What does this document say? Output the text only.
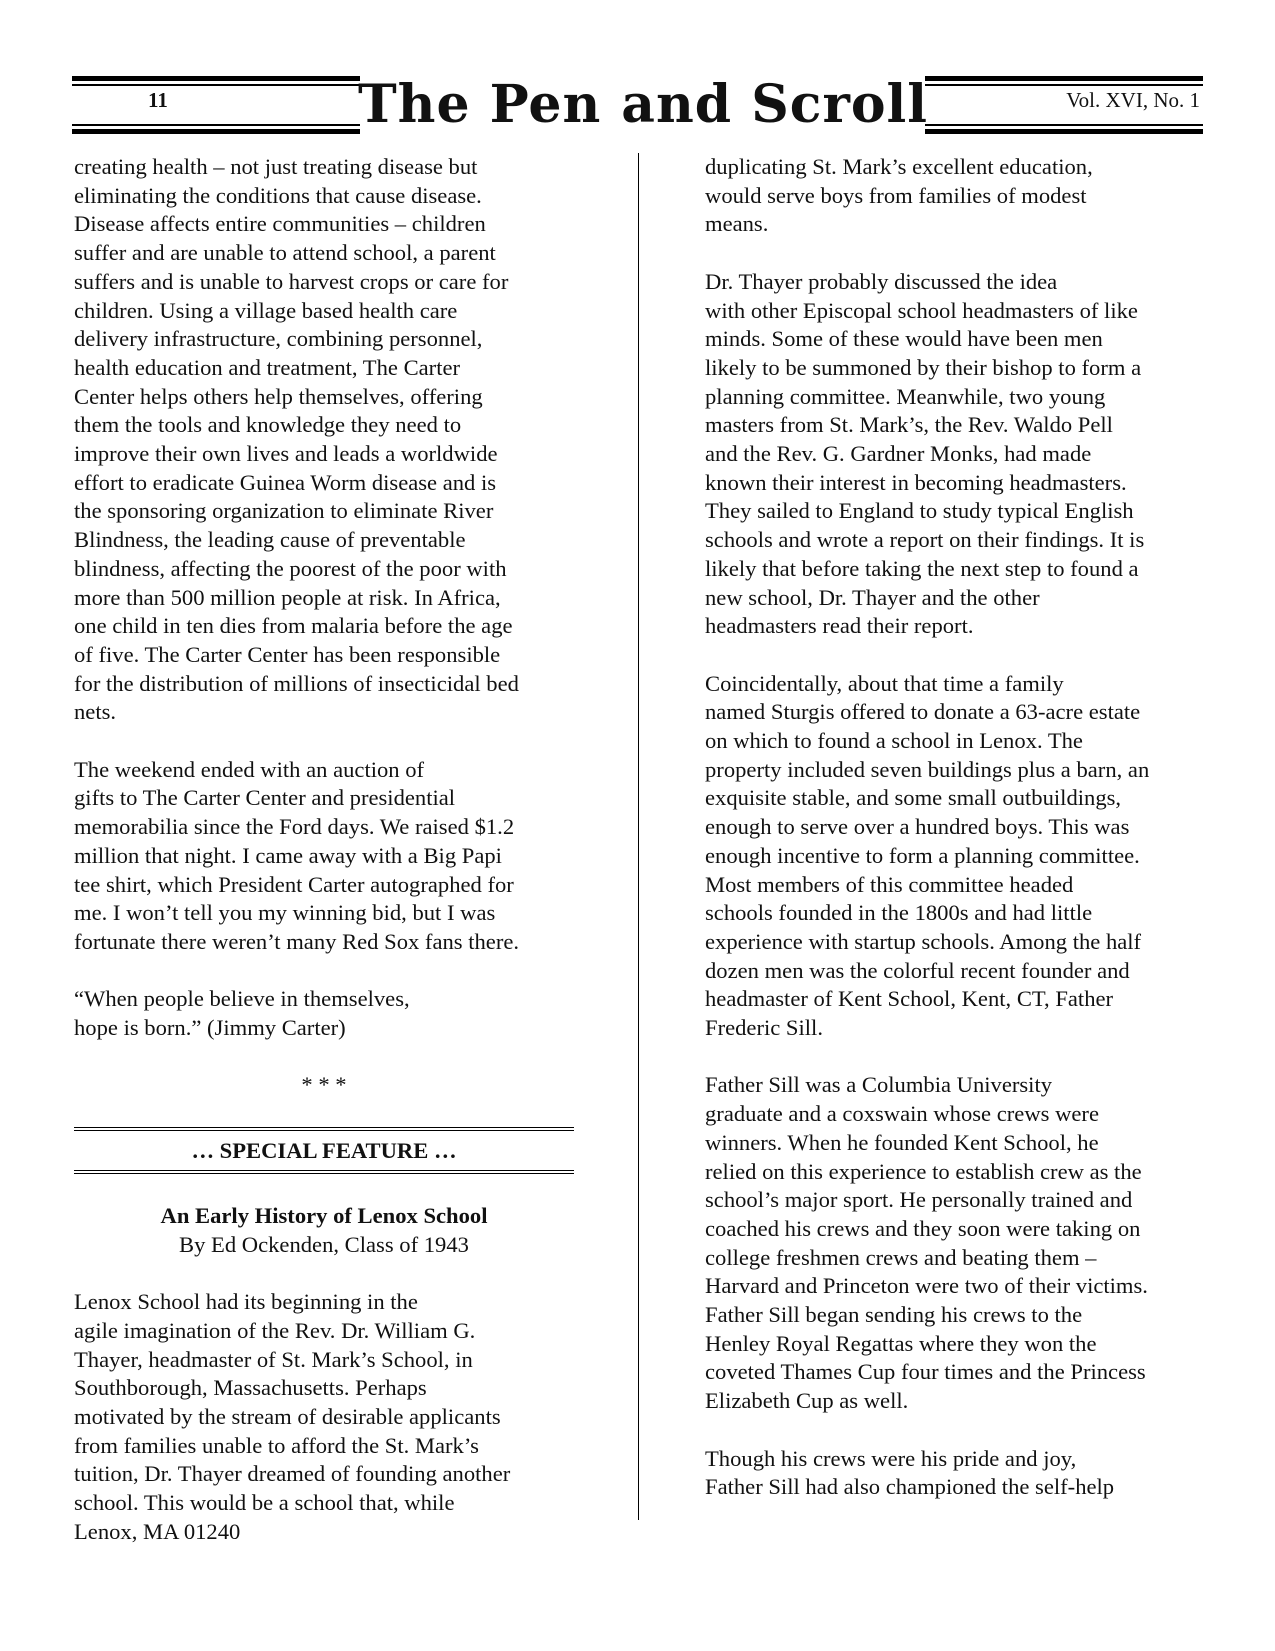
11	Vol. XVI, No. 1
The Pen and Scroll

creating health – not just treating disease but
eliminating the conditions that cause disease.
Disease affects entire communities – children
suffer and are unable to attend school, a parent
suffers and is unable to harvest crops or care for
children. Using a village based health care
delivery infrastructure, combining personnel,
health education and treatment, The Carter
Center helps others help themselves, offering
them the tools and knowledge they need to
improve their own lives and leads a worldwide
effort to eradicate Guinea Worm disease and is
the sponsoring organization to eliminate River
Blindness, the leading cause of preventable
blindness, affecting the poorest of the poor with
more than 500 million people at risk. In Africa,
one child in ten dies from malaria before the age
of five. The Carter Center has been responsible
for the distribution of millions of insecticidal bed
nets.

The weekend ended with an auction of
gifts to The Carter Center and presidential
memorabilia since the Ford days. We raised $1.2
million that night. I came away with a Big Papi
tee shirt, which President Carter autographed for
me. I won’t tell you my winning bid, but I was
fortunate there weren’t many Red Sox fans there.

“When people believe in themselves,
hope is born.” (Jimmy Carter)

* * *
… SPECIAL FEATURE …
An Early History of Lenox School
By Ed Ockenden, Class of 1943

Lenox School had its beginning in the
agile imagination of the Rev. Dr. William G.
Thayer, headmaster of St. Mark’s School, in
Southborough, Massachusetts. Perhaps
motivated by the stream of desirable applicants
from families unable to afford the St. Mark’s
tuition, Dr. Thayer dreamed of founding another
school. This would be a school that, while

Lenox, MA 01240

duplicating St. Mark’s excellent education,
would serve boys from families of modest
means.

Dr. Thayer probably discussed the idea
with other Episcopal school headmasters of like
minds. Some of these would have been men
likely to be summoned by their bishop to form a
planning committee. Meanwhile, two young
masters from St. Mark’s, the Rev. Waldo Pell
and the Rev. G. Gardner Monks, had made
known their interest in becoming headmasters.
They sailed to England to study typical English
schools and wrote a report on their findings. It is
likely that before taking the next step to found a
new school, Dr. Thayer and the other
headmasters read their report.

Coincidentally, about that time a family
named Sturgis offered to donate a 63-acre estate
on which to found a school in Lenox. The
property included seven buildings plus a barn, an
exquisite stable, and some small outbuildings,
enough to serve over a hundred boys. This was
enough incentive to form a planning committee.
Most members of this committee headed
schools founded in the 1800s and had little
experience with startup schools. Among the half
dozen men was the colorful recent founder and
headmaster of Kent School, Kent, CT, Father
Frederic Sill.

Father Sill was a Columbia University
graduate and a coxswain whose crews were
winners. When he founded Kent School, he
relied on this experience to establish crew as the
school’s major sport. He personally trained and
coached his crews and they soon were taking on
college freshmen crews and beating them –
Harvard and Princeton were two of their victims.
Father Sill began sending his crews to the
Henley Royal Regattas where they won the
coveted Thames Cup four times and the Princess
Elizabeth Cup as well.

Though his crews were his pride and joy,
Father Sill had also championed the self-help
